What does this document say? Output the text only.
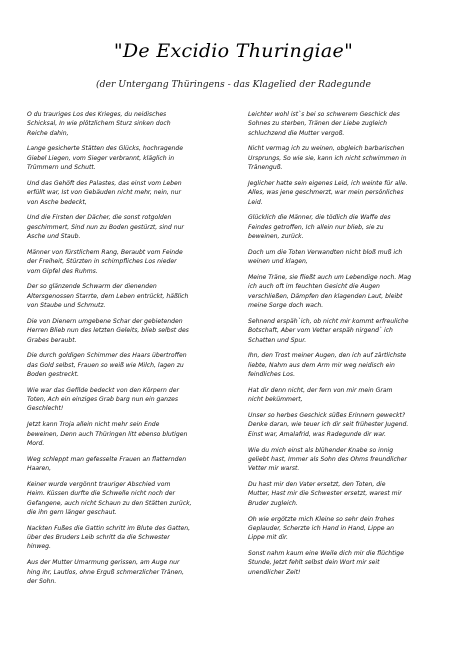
"De Excidio Thuringiae"
(der Untergang Thüringens - das Klagelied der Radegunde
O du trauriges Los des Krieges, du neidisches
Schicksal, In wie plötzlichem Sturz sinken doch
Reiche dahin,
Lange gesicherte Stätten des Glücks, hochragende
Giebel Liegen, vom Sieger verbrannt, kläglich in
Trümmern und Schutt.
Und das Gehöft des Palastes, das einst vom Leben
erfüllt war, Ist von Gebäuden nicht mehr, nein, nur
von Asche bedeckt,
Und die Firsten der Dächer, die sonst rotgolden
geschimmert, Sind nun zu Boden gestürzt, sind nur
Asche und Staub.
Männer von fürstlichem Rang, Beraubt vom Feinde
der Freiheit, Stürzten in schimpfliches Los nieder
vom Gipfel des Ruhms.
Der so glänzende Schwarm der dienenden
Altersgenossen Starrte, dem Leben entrückt, häßlich
von Staube und Schmutz.
Die von Dienern umgebene Schar der gebietenden
Herren Blieb nun des letzten Geleits, blieb selbst des
Grabes beraubt.
Die durch goldigen Schimmer des Haars übertroffen
das Gold selbst, Frauen so weiß wie Milch, lagen zu
Boden gestreckt.
Wie war das Gefilde bedeckt von den Körpern der
Toten, Ach ein einziges Grab barg nun ein ganzes
Geschlecht!
Jetzt kann Troja allein nicht mehr sein Ende
beweinen, Denn auch Thüringen litt ebenso blutigen
Mord.
Weg schleppt man gefesselte Frauen an flatternden
Haaren,
Keiner wurde vergönnt trauriger Abschied vom
Heim. Küssen durfte die Schwelle nicht noch der
Gefangene, auch nicht Schaun zu den Stätten zurück,
die ihn gern länger geschaut.
Nackten Fußes die Gattin schritt im Blute des Gatten,
über des Bruders Leib schritt da die Schwester
hinweg.
Aus der Mutter Umarmung gerissen, am Auge nur
hing ihr, Lautlos, ohne Erguß schmerzlicher Tränen,
der Sohn.
Leichter wohl ist`s bei so schwerem Geschick des
Sohnes zu sterben, Tränen der Liebe zugleich
schluchzend die Mutter vergoß.
Nicht vermag ich zu weinen, obgleich barbarischen
Ursprungs, So wie sie, kann ich nicht schwimmen in
Tränenguß.
Jeglicher hatte sein eigenes Leid, ich weinte für alle.
Alles, was jene geschmerzt, war mein persönliches
Leid.
Glücklich die Männer, die tödlich die Waffe des
Feindes getroffen, Ich allein nur blieb, sie zu
beweinen, zurück.
Doch um die Toten Verwandten nicht bloß muß ich
weinen und klagen,
Meine Träne, sie fließt auch um Lebendige noch. Mag
ich auch oft im feuchten Gesicht die Augen
verschließen, Dämpfen den klagenden Laut, bleibt
meine Sorge doch wach.
Sehnend erspäh`ich, ob nicht mir kommt erfreuliche
Botschaft, Aber vom Vetter erspäh nirgend` ich
Schatten und Spur.
Ihn, den Trost meiner Augen, den ich auf zärtlichste
liebte, Nahm aus dem Arm mir weg neidisch ein
feindliches Los.
Hat dir denn nicht, der fern von mir mein Gram
nicht bekümmert,
Unser so herbes Geschick süßes Erinnern geweckt?
Denke daran, wie teuer ich dir seit frühester Jugend.
Einst war, Amalafrid, was Radegunde dir war.
Wie du mich einst als blühender Knabe so innig
geliebt hast, Immer als Sohn des Ohms freundlicher
Vetter mir warst.
Du hast mir den Vater ersetzt, den Toten, die
Mutter, Hast mir die Schwester ersetzt, warest mir
Bruder zugleich.
Oh wie ergötzte mich Kleine so sehr dein frohes
Geplauder, Scherzte ich Hand in Hand, Lippe an
Lippe mit dir.
Sonst nahm kaum eine Weile dich mir die flüchtige
Stunde, Jetzt fehlt selbst dein Wort mir seit
unendlicher Zeit!
